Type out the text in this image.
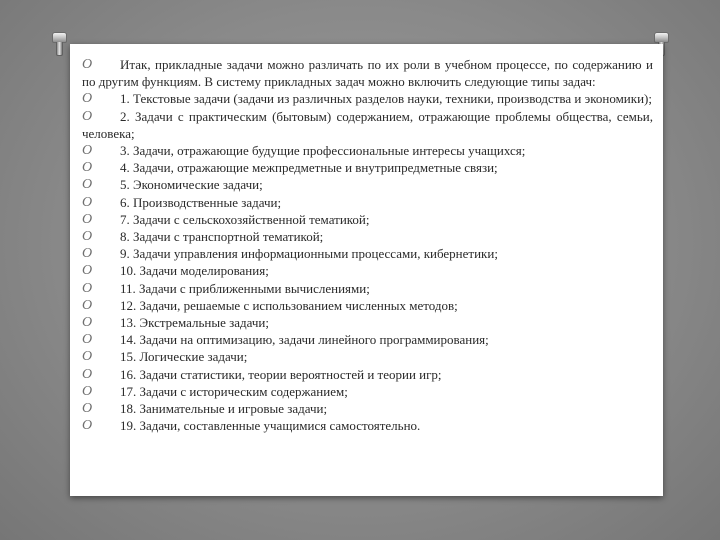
O	Итак, прикладные задачи можно различать по их роли в учебном процессе, по содержанию и по другим функциям. В систему прикладных задач можно включить следующие типы задач:

O	1. Текстовые задачи (задачи из различных разделов науки, техники, производства и экономики);

O	2. Задачи с практическим (бытовым) содержанием, отражающие проблемы общества, семьи, человека;

O	3. Задачи, отражающие будущие профессиональные интересы учащихся;

O	4. Задачи, отражающие межпредметные и внутрипредметные связи;

O	5. Экономические задачи;

O	6. Производственные задачи;

O	7. Задачи с сельскохозяйственной тематикой;

O	8. Задачи с транспортной тематикой;

O	9. Задачи управления информационными процессами, кибернетики;

O	10. Задачи моделирования;

O	11. Задачи с приближенными вычислениями;

O	12. Задачи, решаемые с использованием численных методов;

O	13. Экстремальные задачи;

O	14. Задачи на оптимизацию, задачи линейного программирования;

O	15. Логические задачи;

O	16. Задачи статистики, теории вероятностей и теории игр;

O	17. Задачи с историческим содержанием;

O	18. Занимательные и игровые задачи;

O	19. Задачи, составленные учащимися самостоятельно.
